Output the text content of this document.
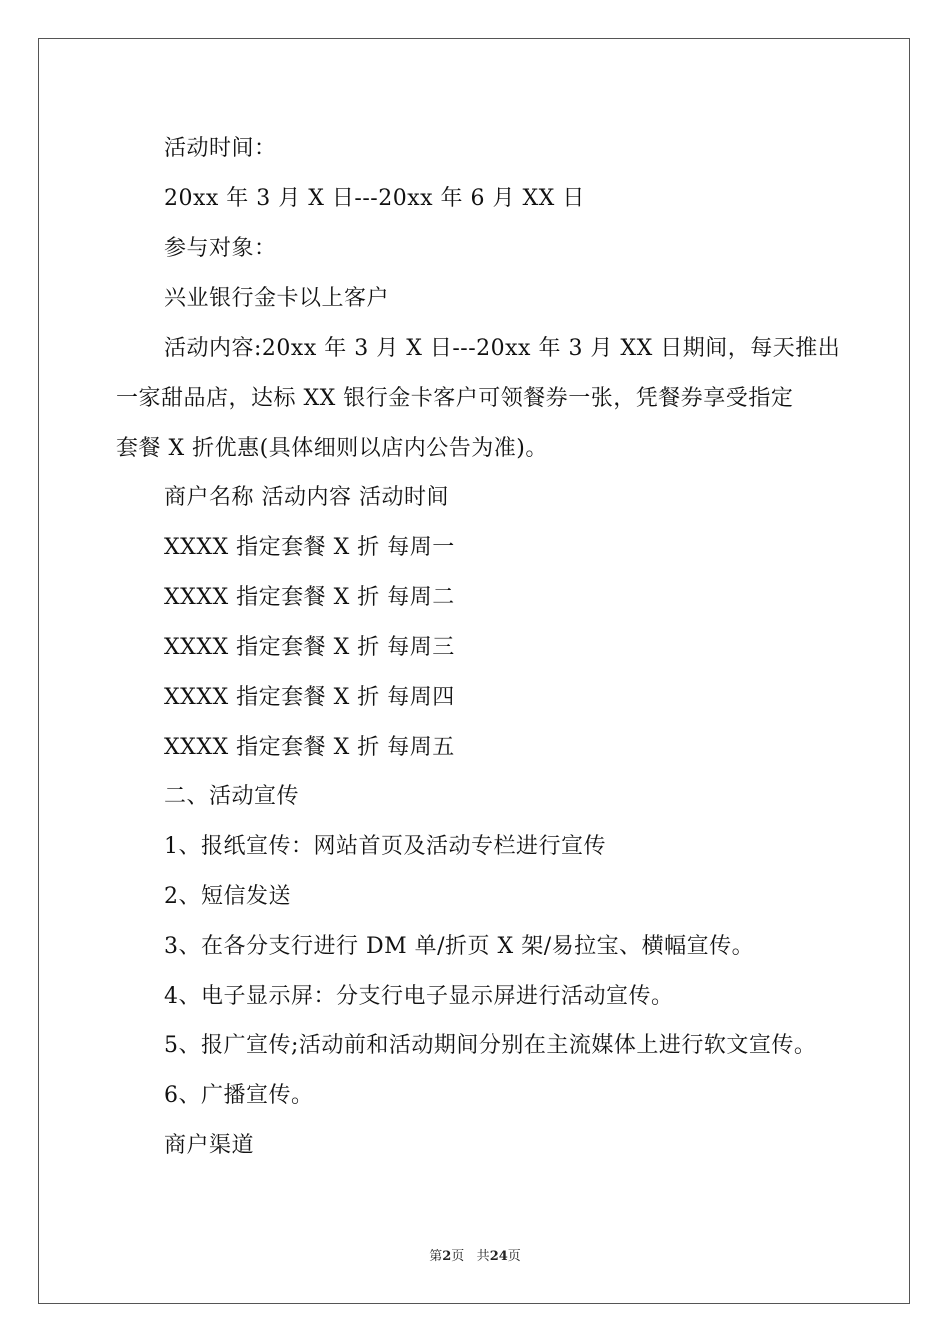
活动时间：
20xx 年 3 月 X 日---20xx 年 6 月 XX 日
参与对象：
兴业银行金卡以上客户
活动内容:20xx 年 3 月 X 日---20xx 年 3 月 XX 日期间，每天推出
一家甜品店，达标 XX 银行金卡客户可领餐券一张，凭餐券享受指定
套餐 X 折优惠(具体细则以店内公告为准)。
商户名称 活动内容 活动时间
XXXX 指定套餐 X 折 每周一
XXXX 指定套餐 X 折 每周二
XXXX 指定套餐 X 折 每周三
XXXX 指定套餐 X 折 每周四
XXXX 指定套餐 X 折 每周五
二、活动宣传
1、报纸宣传：网站首页及活动专栏进行宣传
2、短信发送
3、在各分支行进行 DM 单/折页 X 架/易拉宝、横幅宣传。
4、电子显示屏：分支行电子显示屏进行活动宣传。
5、报广宣传;活动前和活动期间分别在主流媒体上进行软文宣传。
6、广播宣传。
商户渠道
第2页 共24页
